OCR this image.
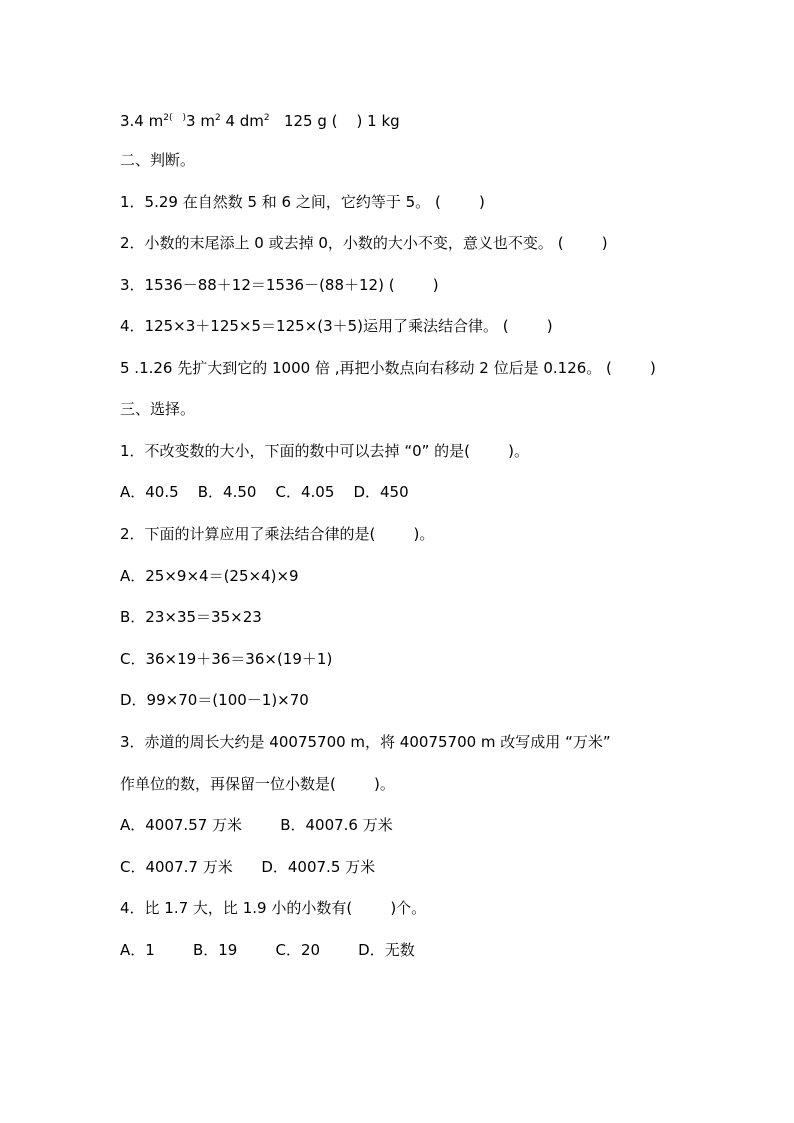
3.4 $m^{2(}$ )3 $m^2$ 4 $dm^2$   125 g (    ) 1 kg
二、判断。
1．5.29 在自然数 5 和 6 之间，它约等于 5。 (        )
2．小数的末尾添上 0 或去掉 0，小数的大小不变，意义也不变。 (        )
3．1536－88＋12＝1536－(88＋12) (        )
4．125×3＋125×5＝125×(3＋5)运用了乘法结合律。 (        )
5 .1.26 先扩大到它的 1000 倍 ,再把小数点向右移动 2 位后是 0.126。 (        )
三、选择。
1．不改变数的大小，下面的数中可以去掉 “0” 的是(        )。
A．40.5    B．4.50    C．4.05    D．450
2．下面的计算应用了乘法结合律的是(        )。
A．25×9×4＝(25×4)×9
B．23×35＝35×23
C．36×19＋36＝36×(19＋1)
D．99×70＝(100－1)×70
3．赤道的周长大约是 40075700 m，将 40075700 m 改写成用 “万米”
作单位的数，再保留一位小数是(        )。
A．4007.57 万米        B．4007.6 万米
C．4007.7 万米      D．4007.5 万米
4．比 1.7 大，比 1.9 小的小数有(        )个。
A．1        B．19        C．20        D．无数
